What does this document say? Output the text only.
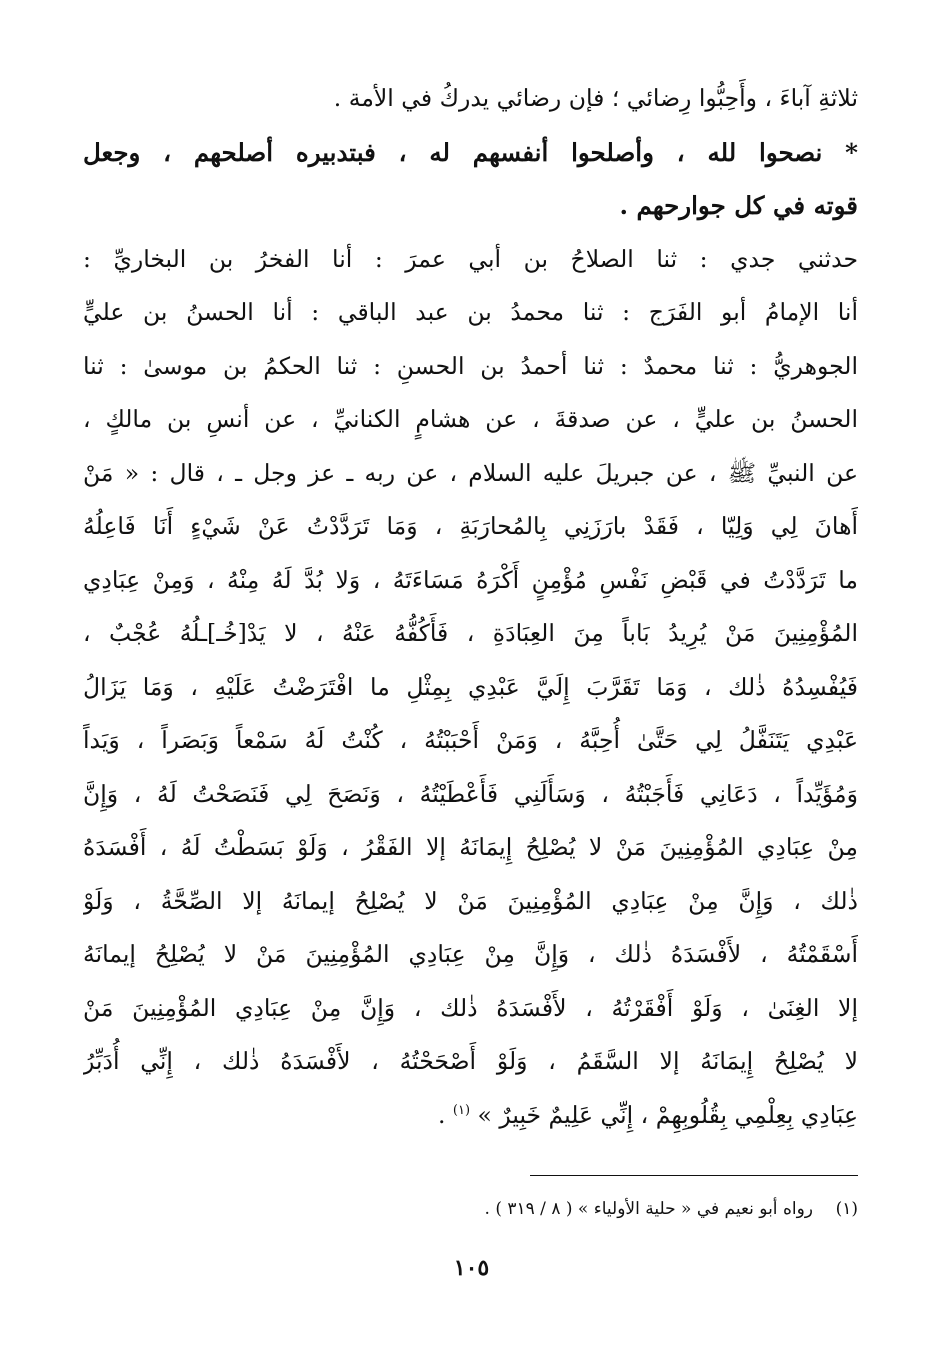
ثلاثةِ آباءَ ، وأَحِبُّوا رِضائي ؛ فإن رضائي يدركُ في الأمة .
* نصحوا لله ، وأصلحوا أنفسهم له ، فبتدبيره أصلحهم ، وجعل
قوته في كل جوارحهم .
حدثني جدي : ثنا الصلاحُ بن أبي عمرَ : أنا الفخرُ بن البخاريِّ :
أنا الإمامُ أبو الفَرَج : ثنا محمدُ بن عبد الباقي : أنا الحسنُ بن عليٍّ
الجوهريُّ : ثنا محمدٌ : ثنا أحمدُ بن الحسنِ : ثنا الحكمُ بن موسىٰ : ثنا
الحسنُ بن عليٍّ ، عن صدقةَ ، عن هشامٍ الكنانيِّ ، عن أنسِ بن مالكٍ ،
عن النبيِّ ﷺ ، عن جبريلَ عليه السلام ، عن ربه ـ عز وجل ـ ، قال : « مَنْ
أَهانَ لِي وَلِيّا ، فَقَدْ بارَزَنِي بِالمُحارَبَةِ ، وَمَا تَرَدَّدْتُ عَنْ شَيْءٍ أَنَا فَاعِلُهُ
ما تَرَدَّدْتُ في قَبْضِ نَفْسِ مُؤْمِنٍ أَكْرَهُ مَسَاءَتَهُ ، وَلا بُدَّ لَهُ مِنْهُ ، وَمِنْ عِبَادِي
المُؤْمِنِينَ مَنْ يُرِيدُ بَاباً مِنَ العِبَادَةِ ، فَأَكُفُّهُ عَنْهُ ، لا يَدْ[خُـ]ـلُهُ عُجْبٌ ،
فَيُفْسِدُهُ ذٰلك ، وَمَا تَقَرَّبَ إِلَيَّ عَبْدِي بِمِثْلِ ما افْتَرَضْتُ عَلَيْهِ ، وَمَا يَزَالُ
عَبْدِي يَتَنَفَّلُ لِي حَتَّىٰ أُحِبَّهُ ، وَمَنْ أَحْبَبْتُهُ ، كُنْتُ لَهُ سَمْعاً وَبَصَراً ، وَيَداً
وَمُؤَيِّداً ، دَعَانِي فَأَجَبْتُهُ ، وَسَأَلَنِي فَأَعْطَيْتُهُ ، وَنَصَحَ لِي فَنَصَحْتُ لَهُ ، وَإِنَّ
مِنْ عِبَادِي المُؤْمِنِينَ مَنْ لا يُصْلِحُ إِيمَانَهُ إلا الفَقْرُ ، وَلَوْ بَسَطْتُ لَهُ ، أَفْسَدَهُ
ذٰلك ، وَإِنَّ مِنْ عِبَادِي المُؤْمِنِينَ مَنْ لا يُصْلِحُ إيمانَهُ إلا الصِّحَّةُ ، وَلَوْ
أَسْقَمْتُهُ ، لأَفْسَدَهُ ذٰلك ، وَإِنَّ مِنْ عِبَادِي المُؤْمِنِينَ مَنْ لا يُصْلِحُ إيمانَهُ
إلا الغِنَىٰ ، وَلَوْ أَفْقَرْتُهُ ، لأَفْسَدَهُ ذٰلك ، وَإِنَّ مِنْ عِبَادِي المُؤْمِنِينَ مَنْ
لا يُصْلِحُ إِيمَانَهُ إلا السَّقَمُ ، وَلَوْ أَصْحَحْتُهُ ، لأَفْسَدَهُ ذٰلك ، إِنِّي أُدَبِّرُ
عِبَادِي بِعِلْمِي بِقُلُوبِهِمْ ، إِنِّي عَلِيمٌ خَبِيرٌ » $^{(١)}$ .
(١)رواه أبو نعيم في « حلية الأولياء » ( ٨ / ٣١٩ ) .
١٠٥
